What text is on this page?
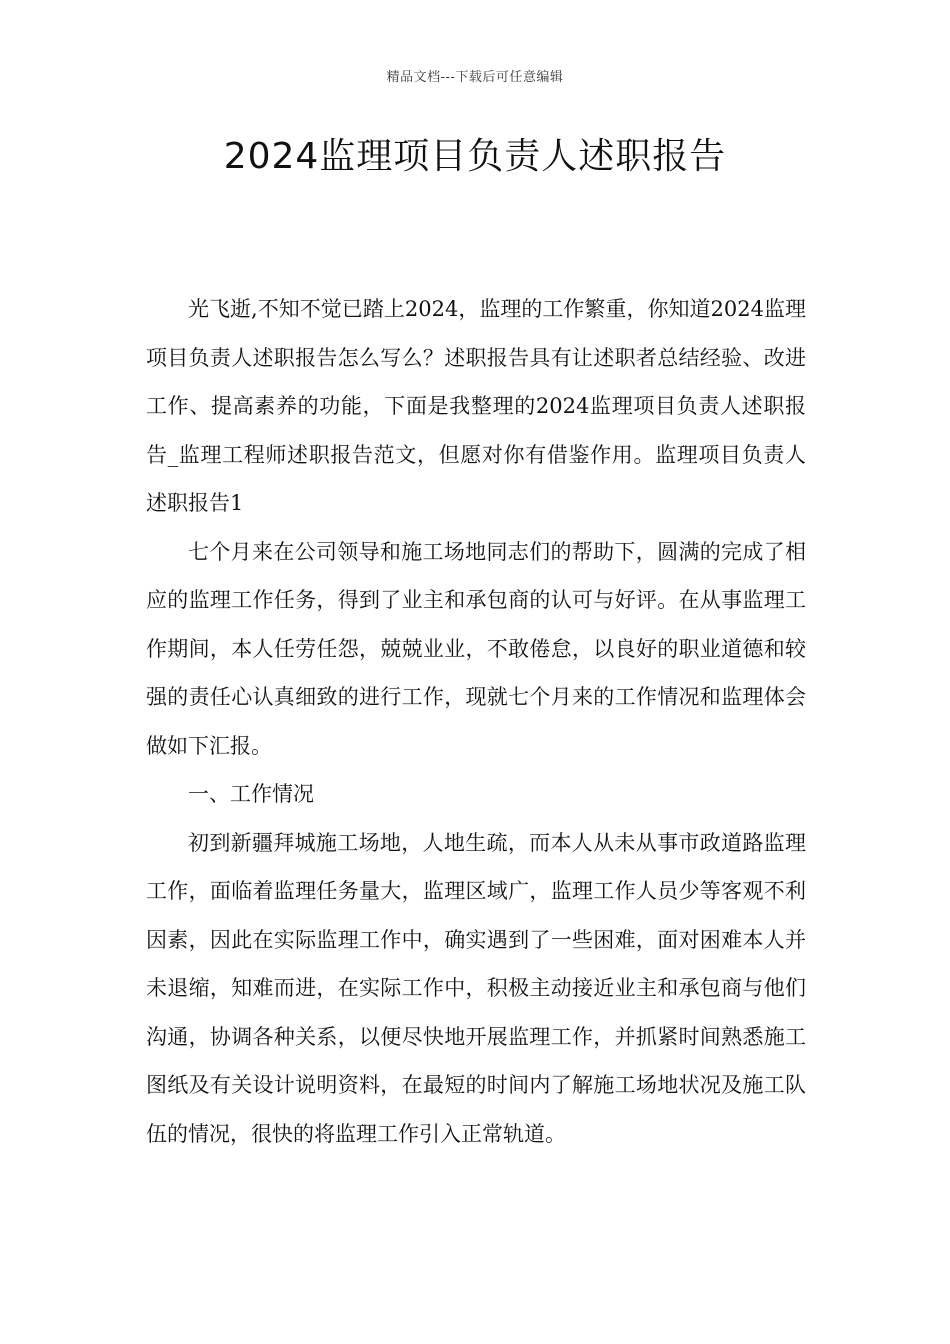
精品文档---下载后可任意编辑
2024监理项目负责人述职报告

光飞逝,不知不觉已踏上2024，监理的工作繁重，你知道2024监理项目负责人述职报告怎么写么？述职报告具有让述职者总结经验、改进工作、提高素养的功能，下面是我整理的2024监理项目负责人述职报告_监理工程师述职报告范文，但愿对你有借鉴作用。监理项目负责人述职报告1

七个月来在公司领导和施工场地同志们的帮助下，圆满的完成了相应的监理工作任务，得到了业主和承包商的认可与好评。在从事监理工作期间，本人任劳任怨，兢兢业业，不敢倦怠，以良好的职业道德和较强的责任心认真细致的进行工作，现就七个月来的工作情况和监理体会做如下汇报。

一、工作情况

初到新疆拜城施工场地，人地生疏，而本人从未从事市政道路监理工作，面临着监理任务量大，监理区域广，监理工作人员少等客观不利因素，因此在实际监理工作中，确实遇到了一些困难，面对困难本人并未退缩，知难而进，在实际工作中，积极主动接近业主和承包商与他们沟通，协调各种关系，以便尽快地开展监理工作，并抓紧时间熟悉施工图纸及有关设计说明资料，在最短的时间内了解施工场地状况及施工队伍的情况，很快的将监理工作引入正常轨道。
